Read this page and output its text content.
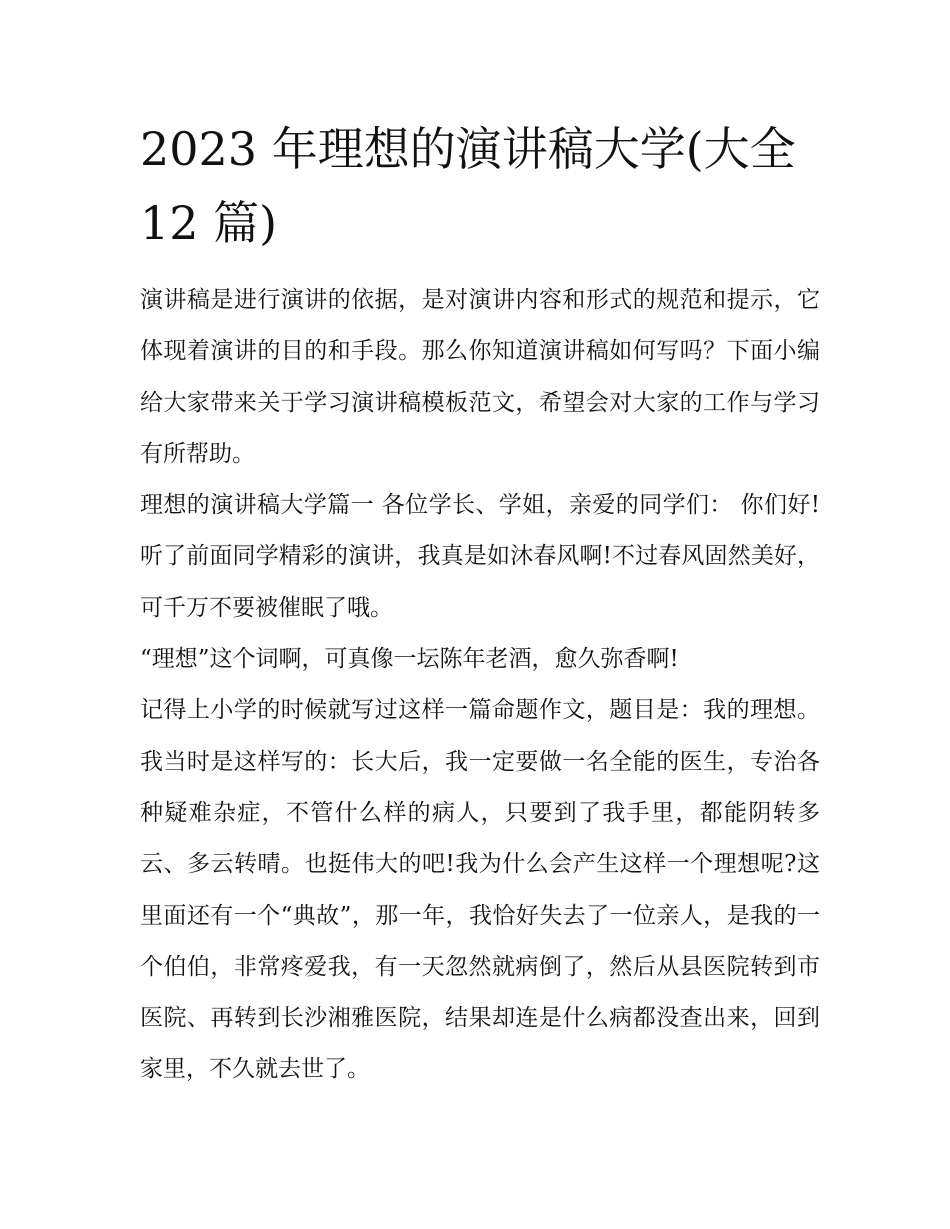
2023 年理想的演讲稿大学(大全 12 篇)

演讲稿是进行演讲的依据，是对演讲内容和形式的规范和提示，它体现着演讲的目的和手段。那么你知道演讲稿如何写吗？下面小编给大家带来关于学习演讲稿模板范文，希望会对大家的工作与学习有所帮助。

理想的演讲稿大学篇一 各位学长、学姐，亲爱的同学们： 你们好! 听了前面同学精彩的演讲，我真是如沐春风啊!不过春风固然美好，可千万不要被催眠了哦。

“理想”这个词啊，可真像一坛陈年老酒，愈久弥香啊!

记得上小学的时候就写过这样一篇命题作文，题目是：我的理想。我当时是这样写的：长大后，我一定要做一名全能的医生，专治各种疑难杂症，不管什么样的病人，只要到了我手里，都能阴转多云、多云转晴。也挺伟大的吧!我为什么会产生这样一个理想呢?这里面还有一个“典故”，那一年，我恰好失去了一位亲人，是我的一个伯伯，非常疼爱我，有一天忽然就病倒了，然后从县医院转到市医院、再转到长沙湘雅医院，结果却连是什么病都没查出来，回到家里，不久就去世了。
